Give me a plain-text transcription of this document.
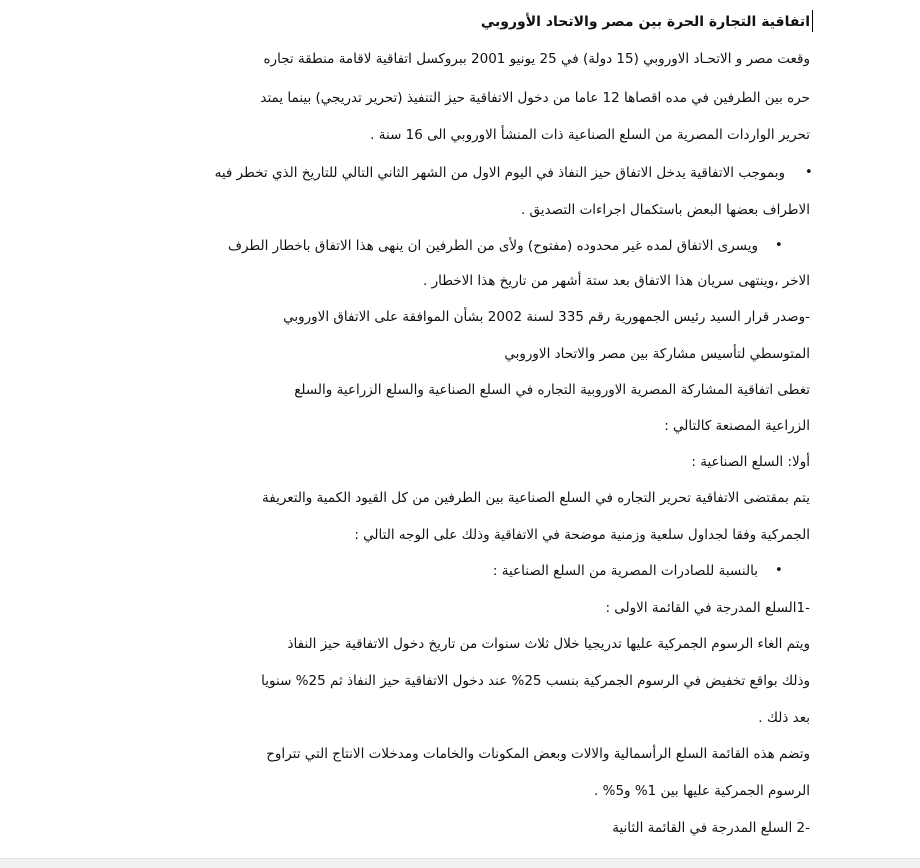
اتفاقية التجارة الحرة بين مصر والاتحاد الأوروبي
وقعت مصر و الاتحـاد الاوروبي (15 دولة) في 25 يونيو 2001 ببروكسل اتفاقية لاقامة منطقة تجاره
حره بين الطرفين في مده اقصاها 12 عاما من دخول الاتفاقية حيز التنفيذ (تحرير تدريجي) بينما يمتد
تحرير الواردات المصرية من السلع الصناعية ذات المنشأ الاوروبي الى 16 سنة .
•
وبموجب الاتفاقية يدخل الاتفاق حيز النفاذ في اليوم الاول من الشهر الثاني التالي للتاريخ الذي تخطر فيه
الاطراف بعضها البعض باستكمال اجراءات التصديق .
•
ويسرى الاتفاق لمده غير محدوده (مفتوح) ولأى من الطرفين ان ينهى هذا الاتفاق باخطار الطرف
الاخر ،وينتهى سريان هذا الاتفاق بعد ستة أشهر من تاريخ هذا الاخطار .
-وصدر قرار السيد رئيس الجمهورية رقم 335 لسنة 2002 بشأن الموافقة على الاتفاق الاوروبي
المتوسطي لتأسيس مشاركة بين مصر والاتحاد الاوروبي
تغطى اتفاقية المشاركة المصرية الاوروبية التجاره في السلع الصناعية والسلع الزراعية والسلع
الزراعية المصنعة كالتالي :
أولا: السلع الصناعية :
يتم بمقتضى الاتفاقية تحرير التجاره في السلع الصناعية بين الطرفين من كل القيود الكمية والتعريفة
الجمركية وفقا لجداول سلعية وزمنية موضحة في الاتفاقية وذلك على الوجه التالي :
•
بالنسبة للصادرات المصرية من السلع الصناعية :
-1السلع المدرجة في القائمة الاولى :
ويتم الغاء الرسوم الجمركية عليها تدريجيا خلال ثلاث سنوات من تاريخ دخول الاتفاقية حيز النفاذ
وذلك بواقع تخفيض في الرسوم الجمركية بنسب 25% عند دخول الاتفاقية حيز النفاذ ثم 25% سنويا
بعد ذلك .
وتضم هذه القائمة السلع الرأسمالية والالات وبعض المكونات والخامات ومدخلات الانتاج التي تتراوح
الرسوم الجمركية عليها بين 1% و5% .
-2 السلع المدرجة في القائمة الثانية
